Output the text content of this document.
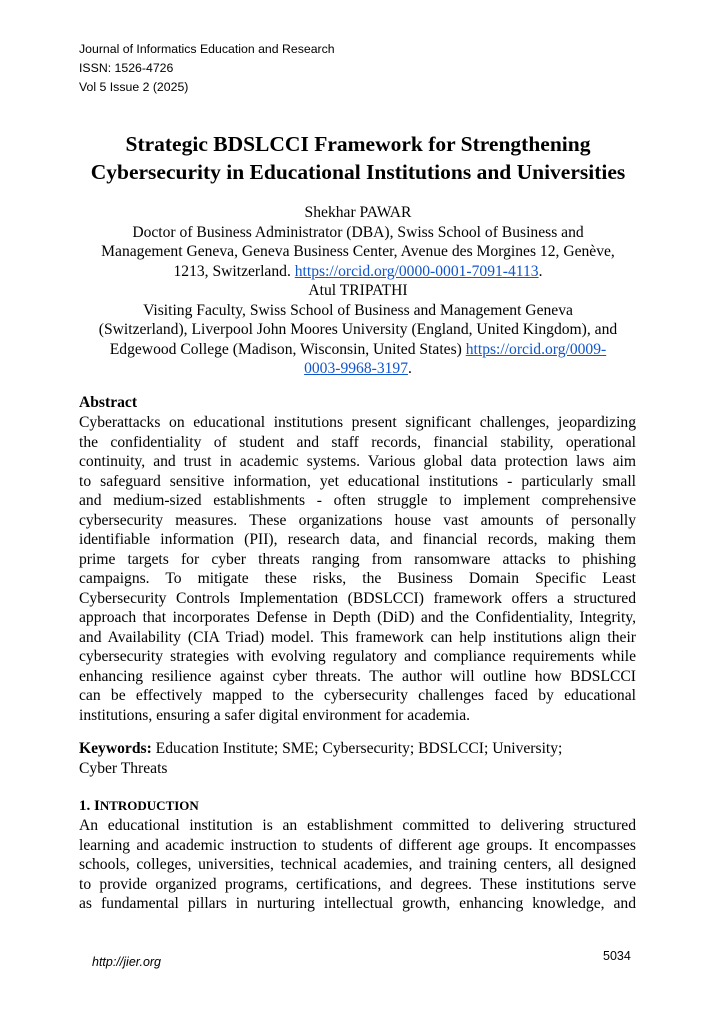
Journal of Informatics Education and Research
ISSN: 1526-4726
Vol 5 Issue 2 (2025)
Strategic BDSLCCI Framework for Strengthening
Cybersecurity in Educational Institutions and Universities
Shekhar PAWAR
Doctor of Business Administrator (DBA), Swiss School of Business and
Management Geneva, Geneva Business Center, Avenue des Morgines 12, Genève,
1213, Switzerland. https://orcid.org/0000-0001-7091-4113.
Atul TRIPATHI
Visiting Faculty, Swiss School of Business and Management Geneva
(Switzerland), Liverpool John Moores University (England, United Kingdom), and
Edgewood College (Madison, Wisconsin, United States) https://orcid.org/0009-
0003-9968-3197.
Abstract
Cyberattacks on educational institutions present significant challenges, jeopardizing
the confidentiality of student and staff records, financial stability, operational
continuity, and trust in academic systems. Various global data protection laws aim
to safeguard sensitive information, yet educational institutions - particularly small
and medium-sized establishments - often struggle to implement comprehensive
cybersecurity measures. These organizations house vast amounts of personally
identifiable information (PII), research data, and financial records, making them
prime targets for cyber threats ranging from ransomware attacks to phishing
campaigns. To mitigate these risks, the Business Domain Specific Least
Cybersecurity Controls Implementation (BDSLCCI) framework offers a structured
approach that incorporates Defense in Depth (DiD) and the Confidentiality, Integrity,
and Availability (CIA Triad) model. This framework can help institutions align their
cybersecurity strategies with evolving regulatory and compliance requirements while
enhancing resilience against cyber threats. The author will outline how BDSLCCI
can be effectively mapped to the cybersecurity challenges faced by educational
institutions, ensuring a safer digital environment for academia.
Keywords: Education Institute; SME; Cybersecurity; BDSLCCI; University;
Cyber Threats
1. INTRODUCTION
An educational institution is an establishment committed to delivering structured
learning and academic instruction to students of different age groups. It encompasses
schools, colleges, universities, technical academies, and training centers, all designed
to provide organized programs, certifications, and degrees. These institutions serve
as fundamental pillars in nurturing intellectual growth, enhancing knowledge, and
http://jier.org	5034
